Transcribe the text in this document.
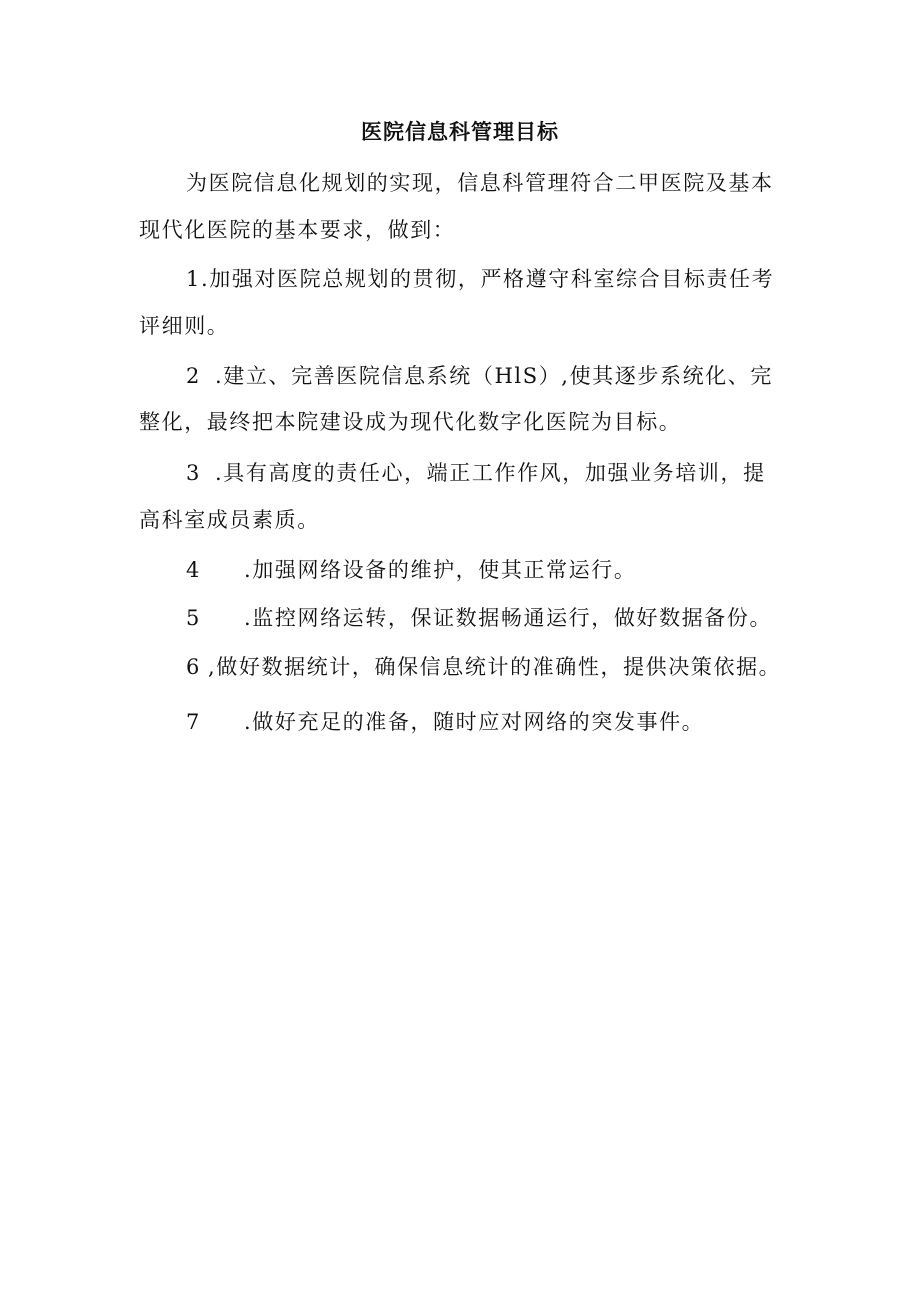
医院信息科管理目标
为医院信息化规划的实现，信息科管理符合二甲医院及基本
现代化医院的基本要求，做到：
1.加强对医院总规划的贯彻，严格遵守科室综合目标责任考
评细则。
2 .建立、完善医院信息系统（HlS）,使其逐步系统化、完
整化，最终把本院建设成为现代化数字化医院为目标。
3 .具有高度的责任心，端正工作作风，加强业务培训，提
高科室成员素质。
4 .加强网络设备的维护，使其正常运行。
5 .监控网络运转，保证数据畅通运行，做好数据备份。
6 ,做好数据统计，确保信息统计的准确性，提供决策依据。
7 .做好充足的准备，随时应对网络的突发事件。
